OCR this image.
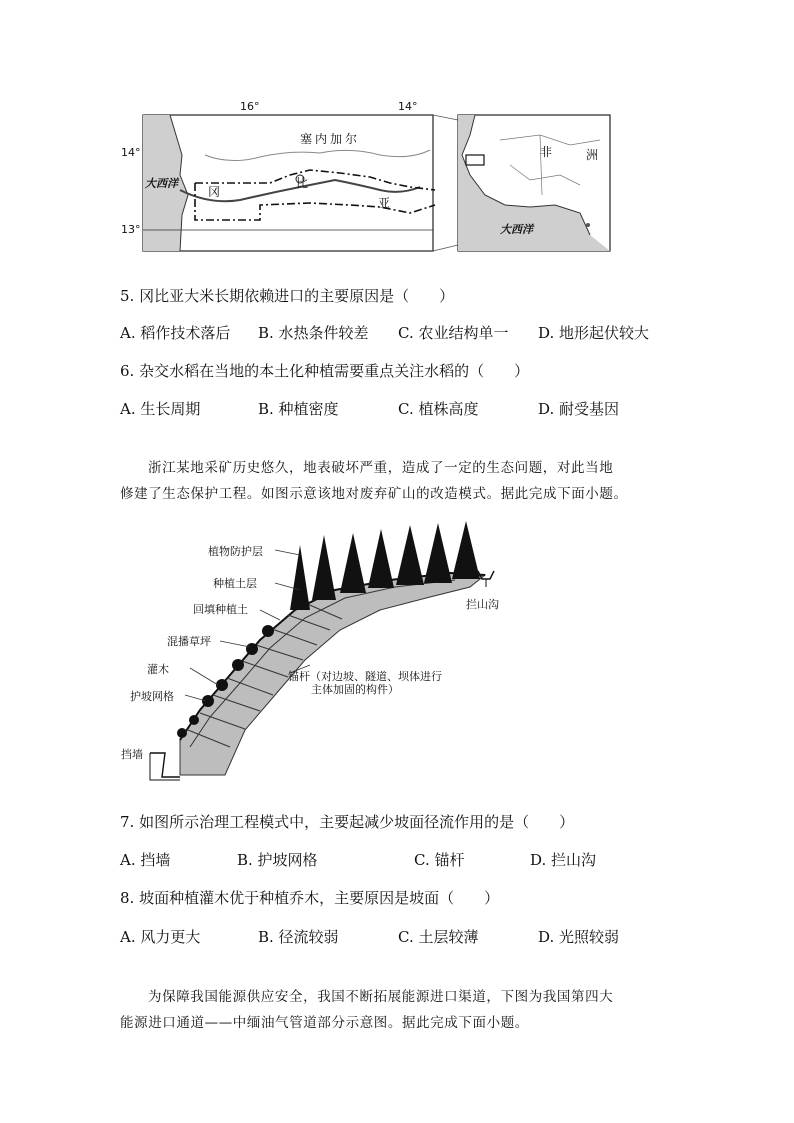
16°	14°
14°
13°
塞内加尔
大西洋
冈
比
亚
非	洲
大西洋
5. 冈比亚大米长期依赖进口的主要原因是（　　）
A. 稻作技术落后 B. 水热条件较差 C. 农业结构单一 D. 地形起伏较大
6. 杂交水稻在当地的本土化种植需要重点关注水稻的（　　）
A. 生长周期	B. 种植密度	C. 植株高度	D. 耐受基因
浙江某地采矿历史悠久，地表破坏严重，造成了一定的生态问题，对此当地
修建了生态保护工程。如图示意该地对废弃矿山的改造模式。据此完成下面小题。
植物防护层
种植土层
回填种植土
混播草坪
灌木
护坡网格
挡墙
拦山沟
锚杆（对边坡、隧道、坝体进行
主体加固的构件）
7. 如图所示治理工程模式中，主要起减少坡面径流作用的是（　　）
A. 挡墙	B. 护坡网格	C. 锚杆	D. 拦山沟
8. 坡面种植灌木优于种植乔木，主要原因是坡面（　　）
A. 风力更大	B. 径流较弱	C. 土层较薄	D. 光照较弱
为保障我国能源供应安全，我国不断拓展能源进口渠道，下图为我国第四大
能源进口通道——中缅油气管道部分示意图。据此完成下面小题。
